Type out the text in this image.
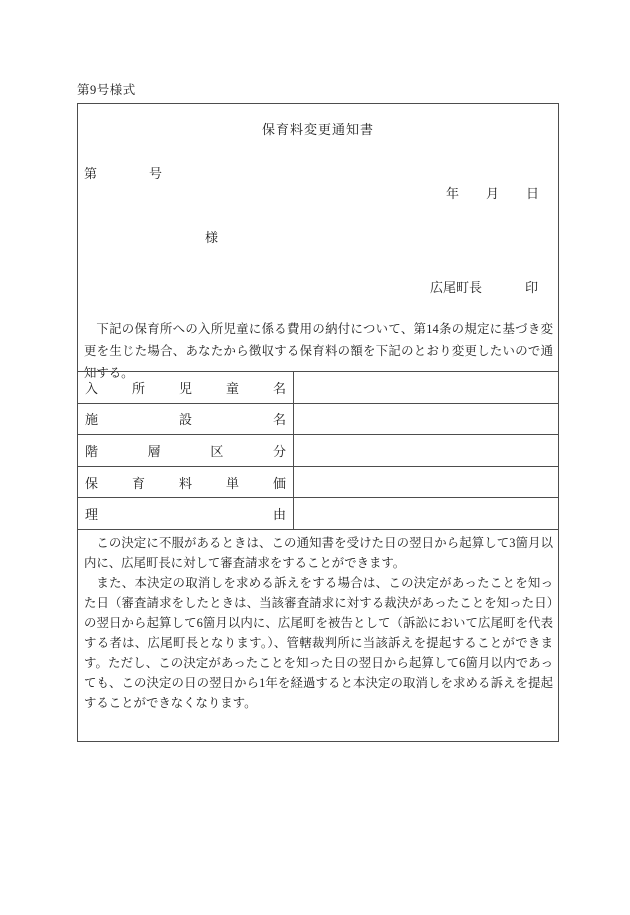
第9号様式
保育料変更通知書
第	号
年 月 日
様
広尾町長	印
下記の保育所への入所児童に係る費用の納付について、第14条の規定に基づき変更を生じた場合、あなたから徴収する保育料の額を下記のとおり変更したいので通知する。
入	所	児	童	名
施	設	名
階	層	区	分
保	育	料	単	価
理	由

この決定に不服があるときは、この通知書を受けた日の翌日から起算して3箇月以内に、広尾町長に対して審査請求をすることができます。

また、本決定の取消しを求める訴えをする場合は、この決定があったことを知った日（審査請求をしたときは、当該審査請求に対する裁決があったことを知った日）の翌日から起算して6箇月以内に、広尾町を被告として（訴訟において広尾町を代表する者は、広尾町長となります。）、管轄裁判所に当該訴えを提起することができます。ただし、この決定があったことを知った日の翌日から起算して6箇月以内であっても、この決定の日の翌日から1年を経過すると本決定の取消しを求める訴えを提起することができなくなります。
